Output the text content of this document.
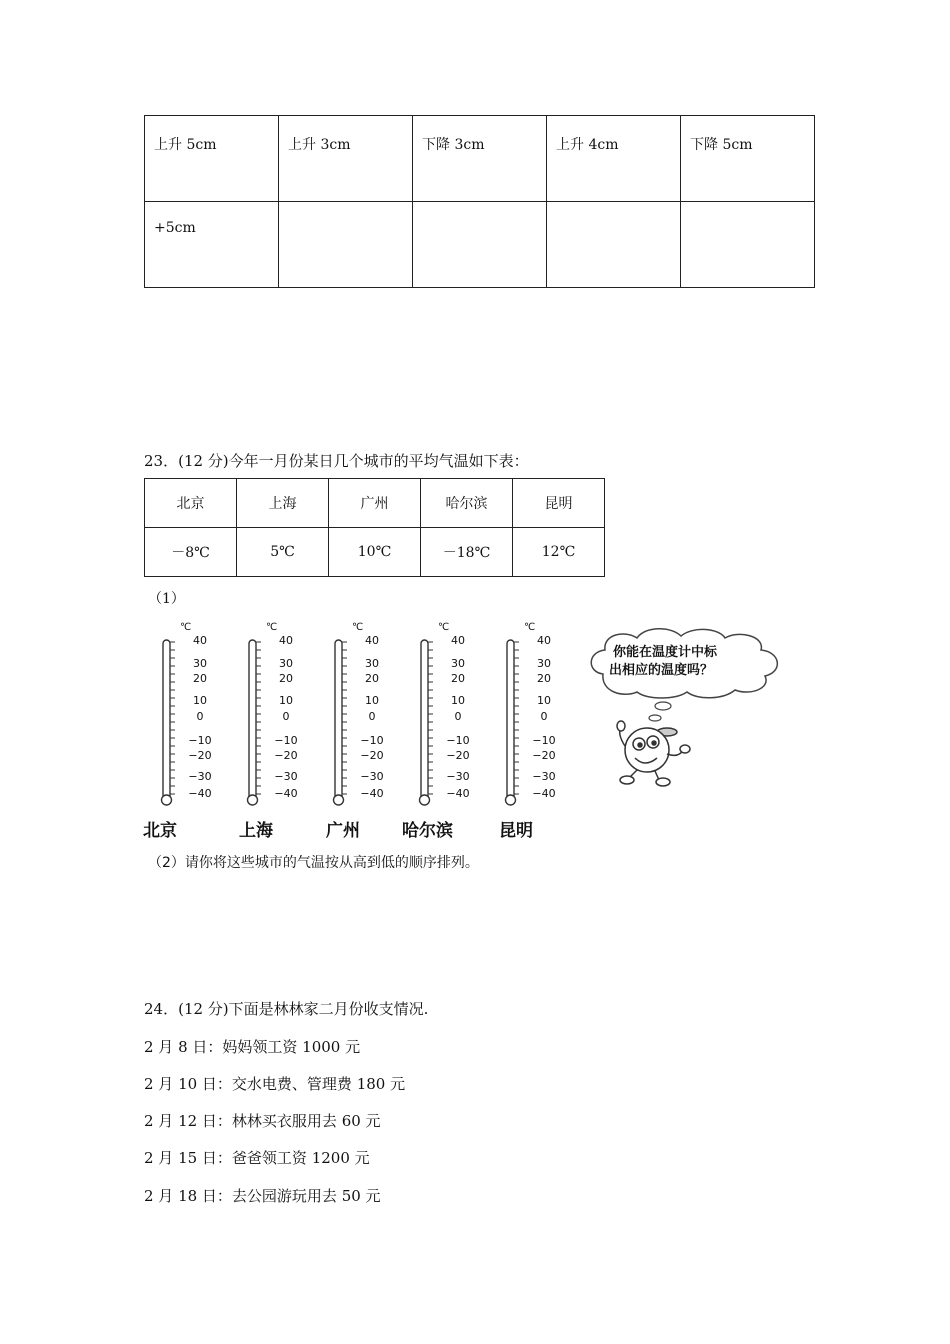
上升 5cm	上升 3cm	下降 3cm	上升 4cm	下降 5cm
+5cm				
23．(12 分)今年一月份某日几个城市的平均气温如下表：
北京	上海	广州	哈尔滨	昆明
－8℃	5℃	10℃	－18℃	12℃
（1）
℃
40
30
20
10
0
−10
−20
−30
−40
℃
40
30
20
10
0
−10
−20
−30
−40
℃
40
30
20
10
0
−10
−20
−30
−40
℃
40
30
20
10
0
−10
−20
−30
−40
℃
40
30
20
10
0
−10
−20
−30
−40
北京	上海	广州 哈尔滨	昆明
你能在温度计中标
出相应的温度吗？
（2）请你将这些城市的气温按从高到低的顺序排列。
24．(12 分)下面是林林家二月份收支情况.
2 月 8 日：妈妈领工资 1000 元
2 月 10 日：交水电费、管理费 180 元
2 月 12 日：林林买衣服用去 60 元
2 月 15 日：爸爸领工资 1200 元
2 月 18 日：去公园游玩用去 50 元
